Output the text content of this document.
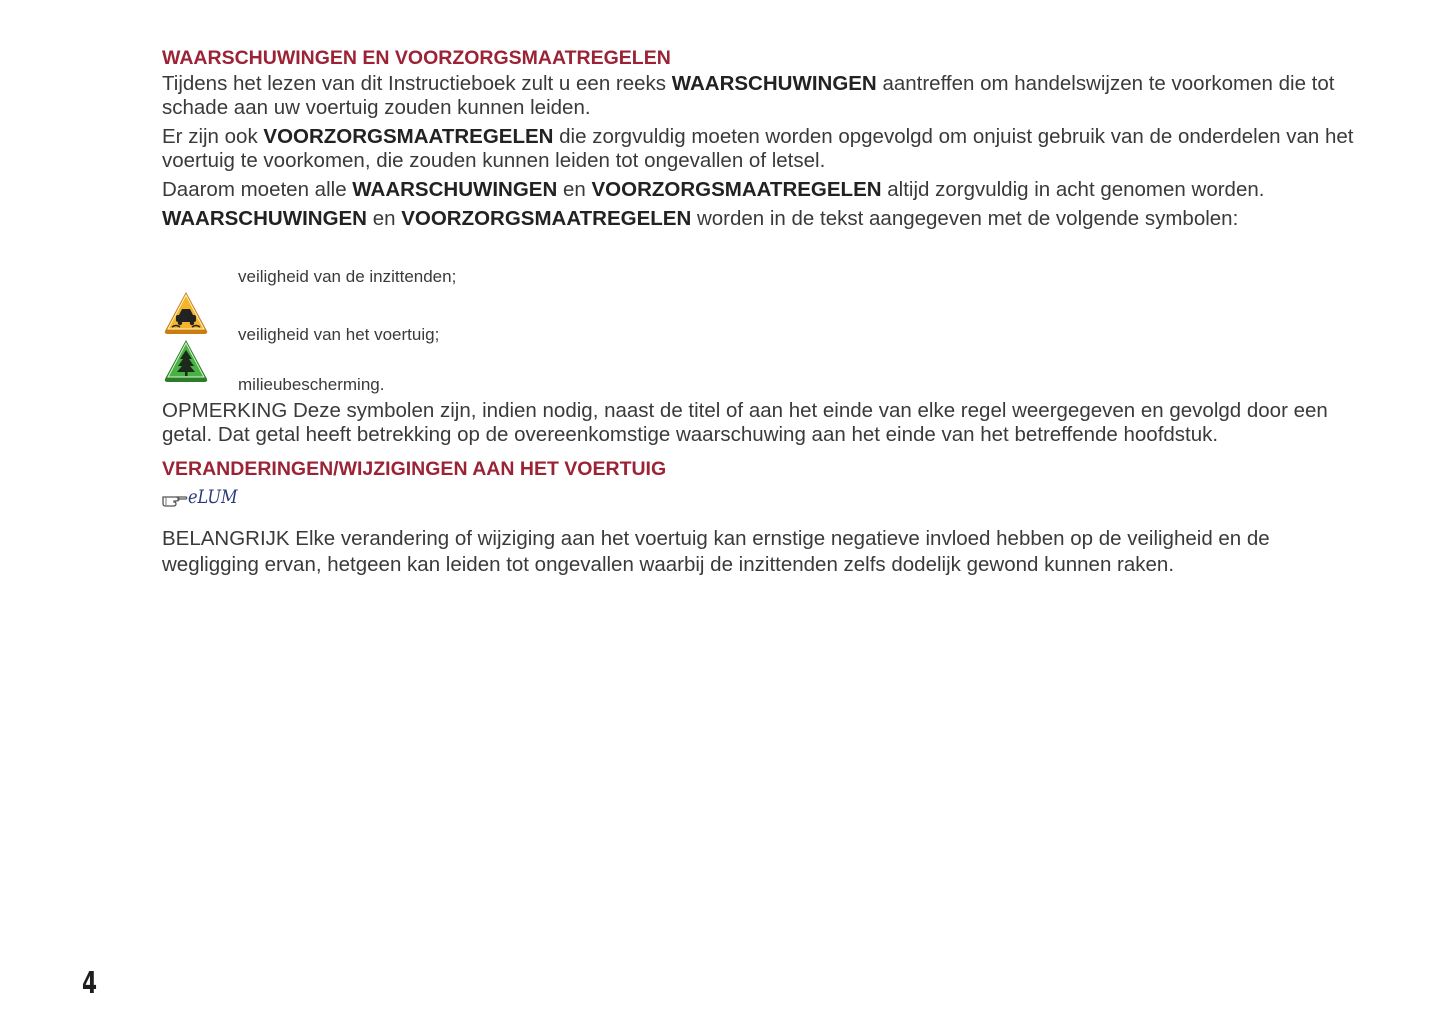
WAARSCHUWINGEN EN VOORZORGSMAATREGELEN

Tijdens het lezen van dit Instructieboek zult u een reeks WAARSCHUWINGEN aantreffen om handelswijzen te voorkomen die tot schade aan uw voertuig zouden kunnen leiden.

Er zijn ook VOORZORGSMAATREGELEN die zorgvuldig moeten worden opgevolgd om onjuist gebruik van de onderdelen van het voertuig te voorkomen, die zouden kunnen leiden tot ongevallen of letsel.

Daarom moeten alle WAARSCHUWINGEN en VOORZORGSMAATREGELEN altijd zorgvuldig in acht genomen worden.

WAARSCHUWINGEN en VOORZORGSMAATREGELEN worden in de tekst aangegeven met de volgende symbolen:

veiligheid van de inzittenden;
veiligheid van het voertuig;
milieubescherming.

OPMERKING Deze symbolen zijn, indien nodig, naast de titel of aan het einde van elke regel weergegeven en gevolgd door een getal. Dat getal heeft betrekking op de overeenkomstige waarschuwing aan het einde van het betreffende hoofdstuk.

VERANDERINGEN/WIJZIGINGEN AAN HET VOERTUIG
eLUM

BELANGRIJK Elke verandering of wijziging aan het voertuig kan ernstige negatieve invloed hebben op de veiligheid en de wegligging ervan, hetgeen kan leiden tot ongevallen waarbij de inzittenden zelfs dodelijk gewond kunnen raken.

4
